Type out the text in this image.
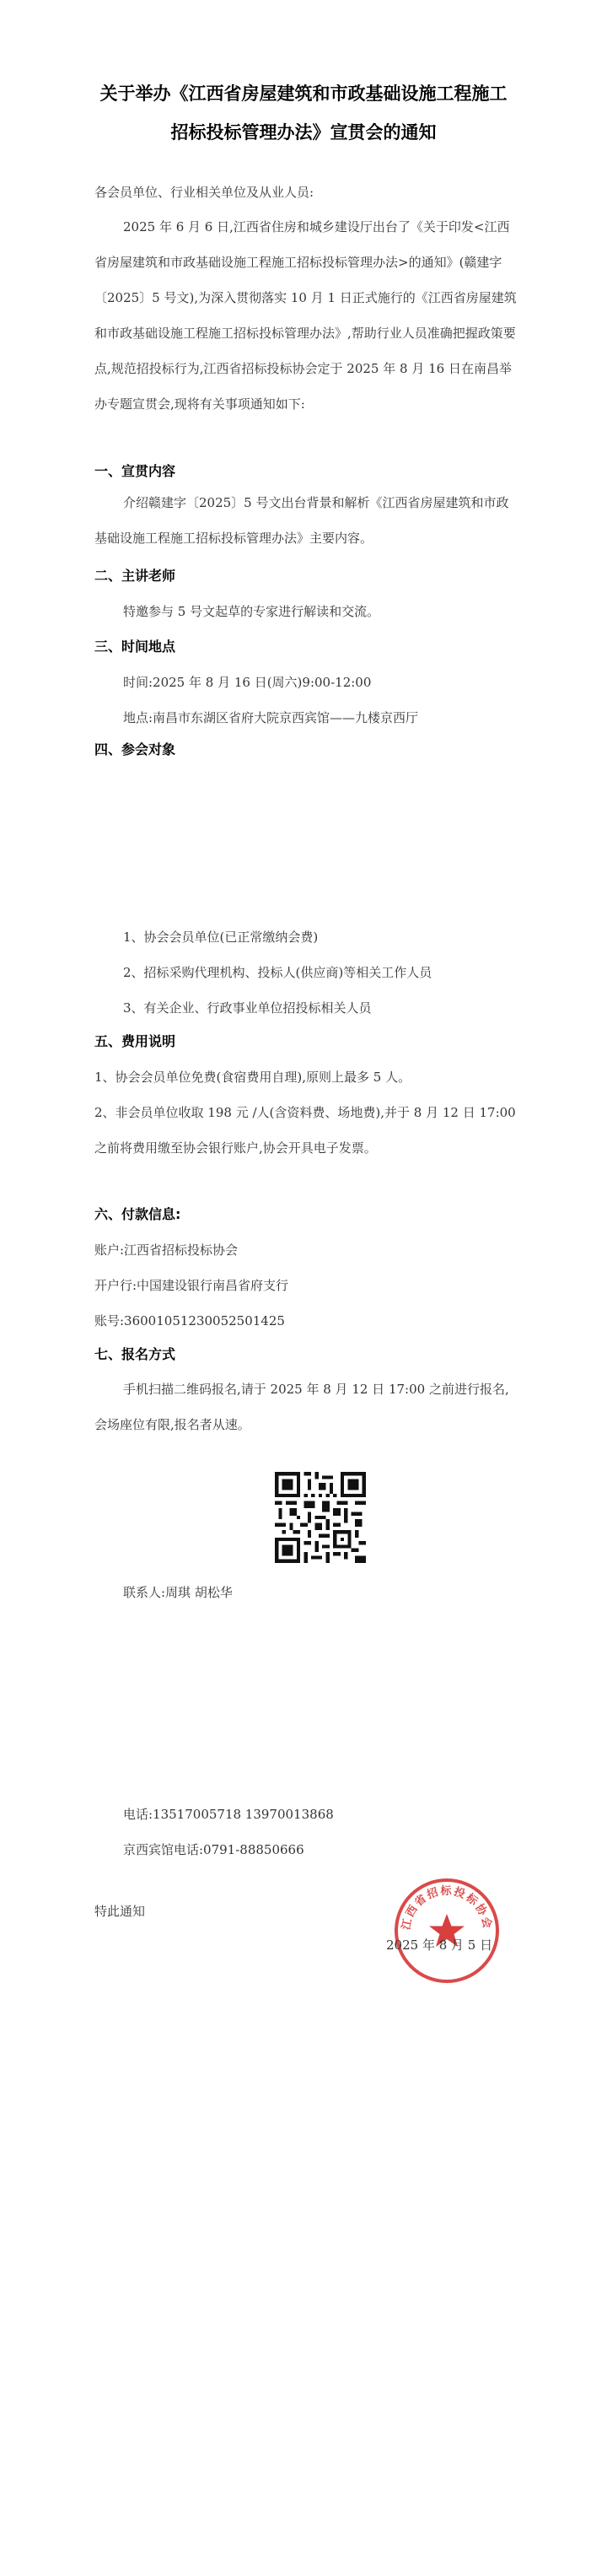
关于举办《江西省房屋建筑和市政基础设施工程施工
招标投标管理办法》宣贯会的通知
各会员单位、行业相关单位及从业人员:
2025 年 6 月 6 日,江西省住房和城乡建设厅出台了《关于印发<江西省房屋建筑和市政基础设施工程施工招标投标管理办法>的通知》(赣建字〔2025〕5 号文),为深入贯彻落实 10 月 1 日正式施行的《江西省房屋建筑和市政基础设施工程施工招标投标管理办法》,帮助行业人员准确把握政策要点,规范招投标行为,江西省招标投标协会定于 2025 年 8 月 16 日在南昌举办专题宣贯会,现将有关事项通知如下:
一、宣贯内容
介绍赣建字〔2025〕5 号文出台背景和解析《江西省房屋建筑和市政基础设施工程施工招标投标管理办法》主要内容。
二、主讲老师
特邀参与 5 号文起草的专家进行解读和交流。
三、时间地点
时间:2025 年 8 月 16 日(周六)9:00-12:00
地点:南昌市东湖区省府大院京西宾馆——九楼京西厅
四、参会对象
1、协会会员单位(已正常缴纳会费)
2、招标采购代理机构、投标人(供应商)等相关工作人员
3、有关企业、行政事业单位招投标相关人员
五、费用说明
1、协会会员单位免费(食宿费用自理),原则上最多 5 人。
2、非会员单位收取 198 元 /人(含资料费、场地费),并于 8 月 12 日 17:00 之前将费用缴至协会银行账户,协会开具电子发票。
六、付款信息:
账户:江西省招标投标协会
开户行:中国建设银行南昌省府支行
账号:36001051230052501425
七、报名方式
手机扫描二维码报名,请于 2025 年 8 月 12 日 17:00 之前进行报名,会场座位有限,报名者从速。
联系人:周琪 胡松华
电话:13517005718 13970013868
京西宾馆电话:0791-88850666
特此通知
江西省招标投标协会
2025 年 8 月 5 日
